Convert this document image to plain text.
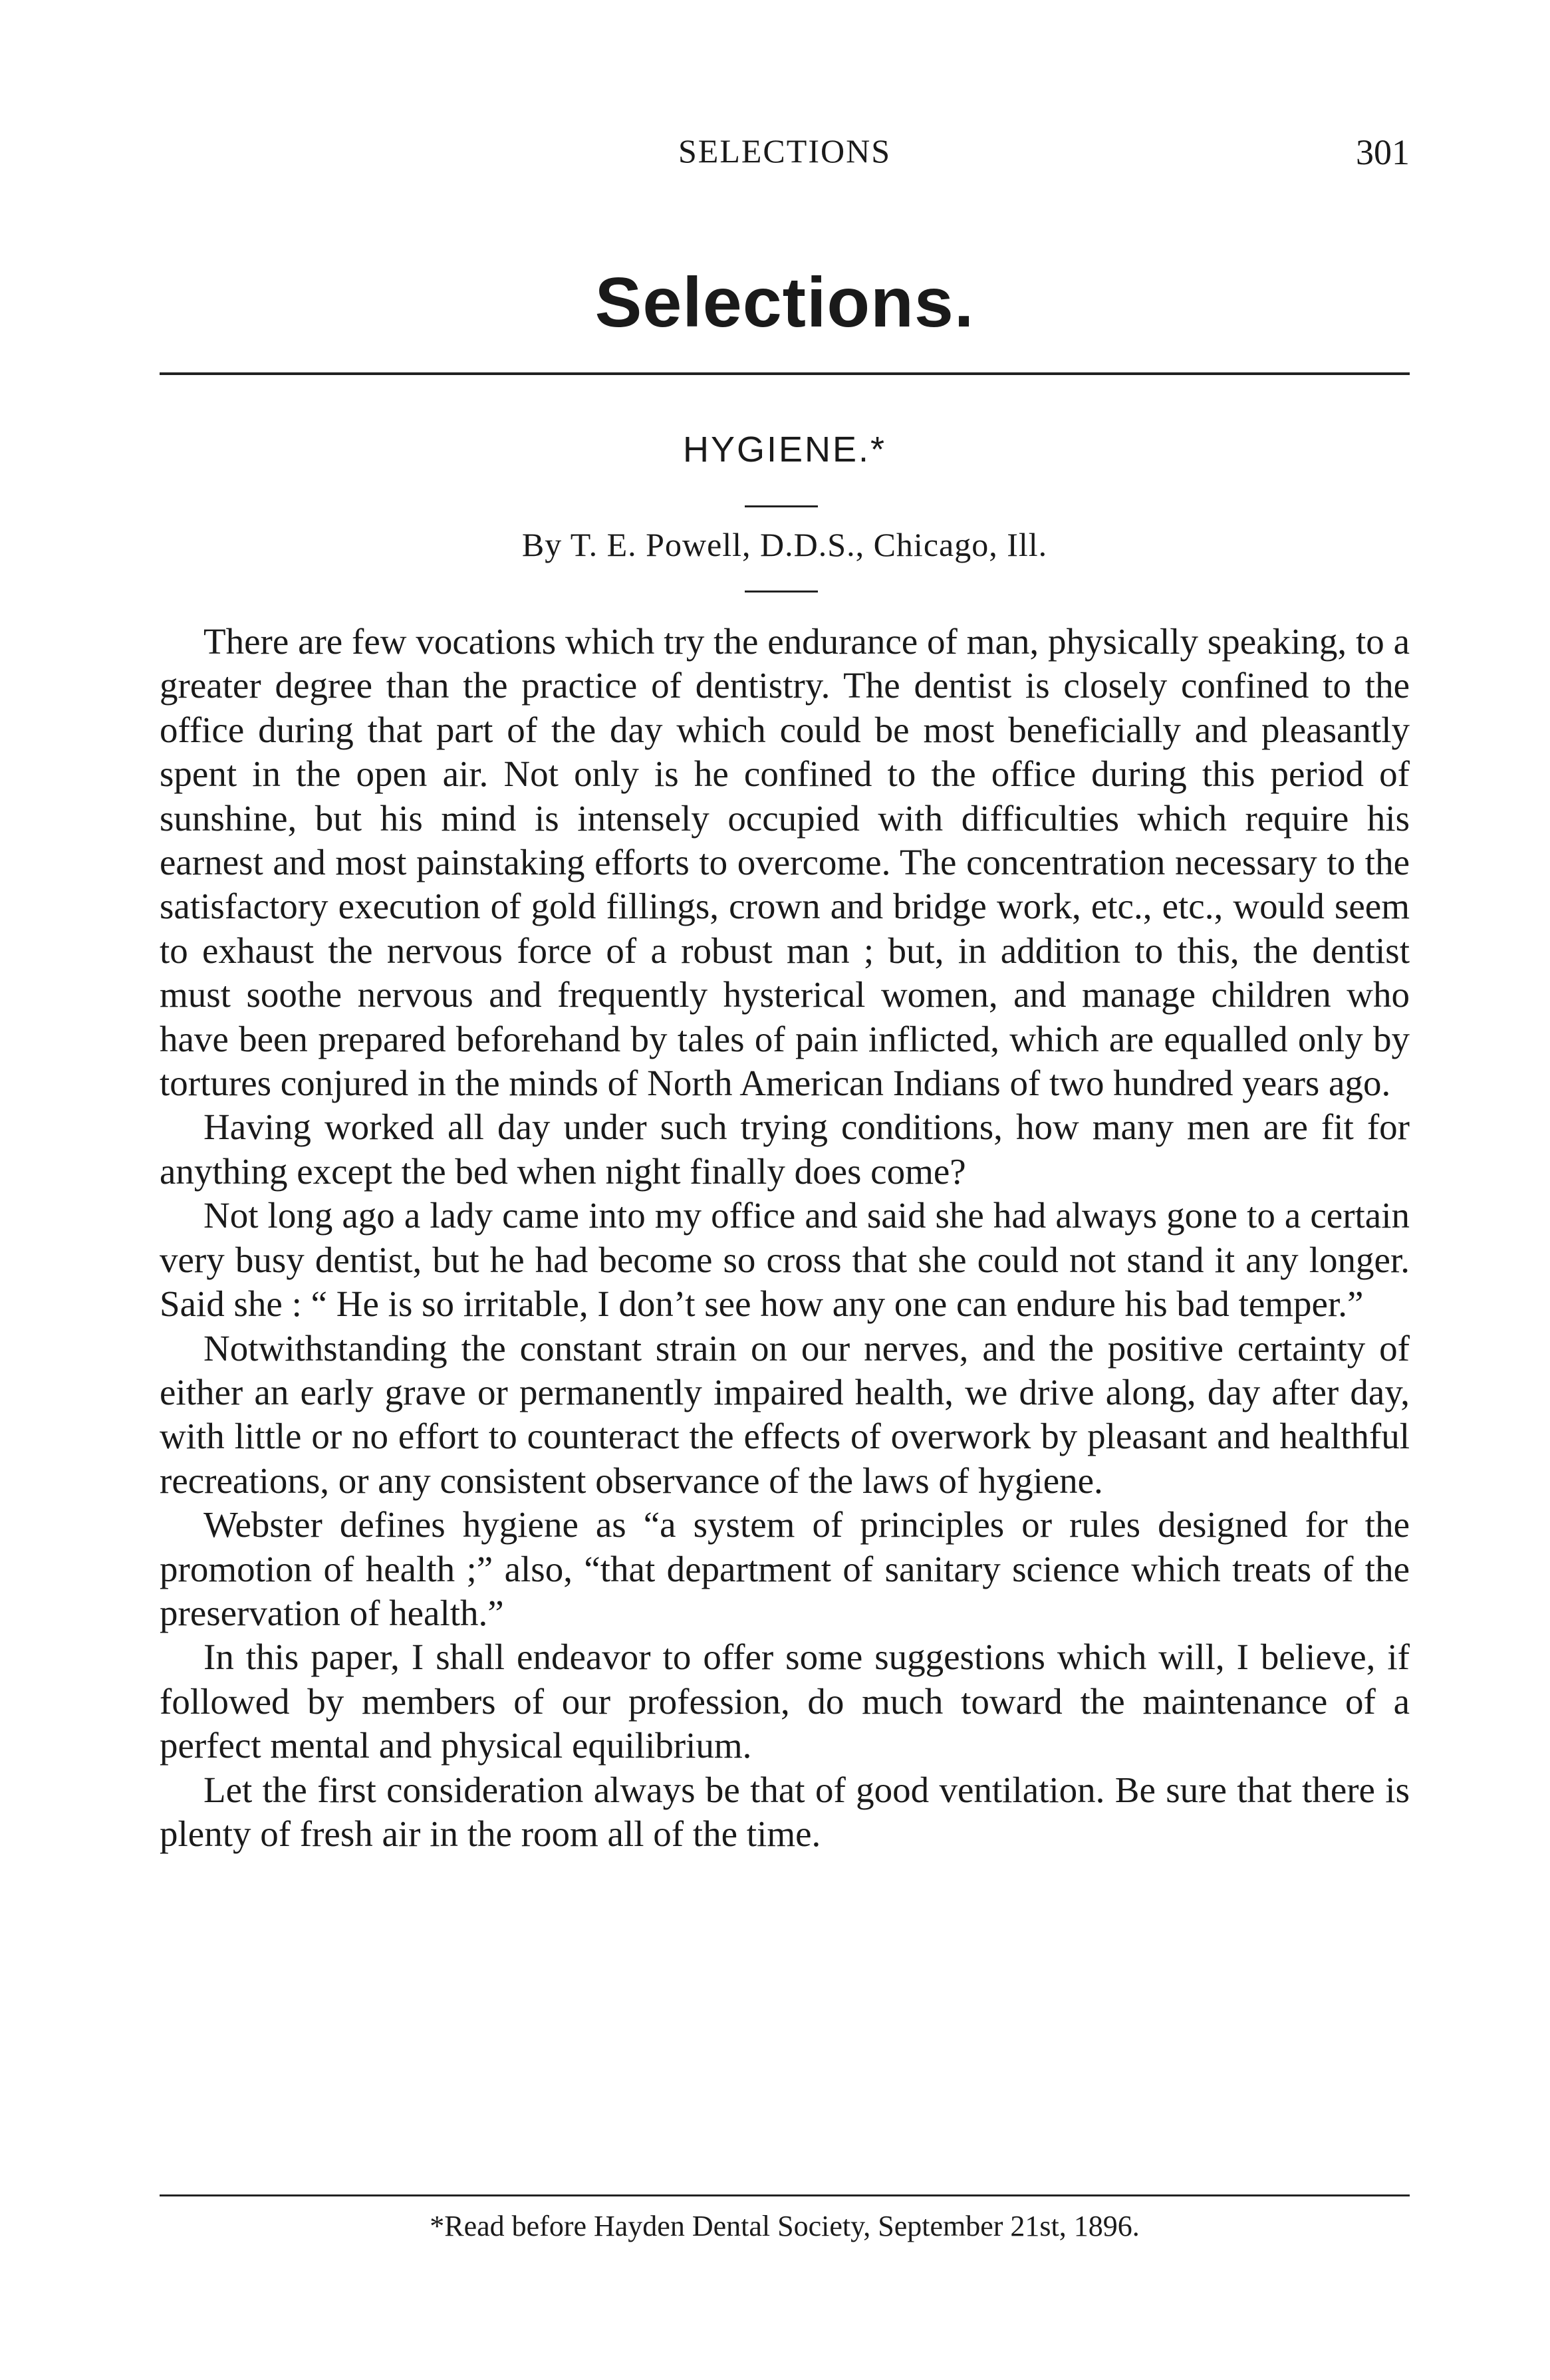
SELECTIONS	301
Selections.
HYGIENE.*
By T. E. Powell, D.D.S., Chicago, Ill.

There are few vocations which try the endurance of man, physically speaking, to a greater degree than the practice of dentistry. The dentist is closely confined to the office during that part of the day which could be most beneficially and pleasantly spent in the open air. Not only is he confined to the office during this period of sunshine, but his mind is intensely occupied with difficulties which require his earnest and most painstaking efforts to overcome. The concentration necessary to the satisfactory execution of gold fillings, crown and bridge work, etc., etc., would seem to exhaust the nervous force of a robust man ; but, in addition to this, the dentist must soothe nervous and frequently hysterical women, and manage children who have been prepared beforehand by tales of pain inflicted, which are equalled only by tortures conjured in the minds of North American Indians of two hundred years ago.

Having worked all day under such trying conditions, how many men are fit for anything except the bed when night finally does come?

Not long ago a lady came into my office and said she had always gone to a certain very busy dentist, but he had become so cross that she could not stand it any longer. Said she : “ He is so irritable, I don’t see how any one can endure his bad temper.”

Notwithstanding the constant strain on our nerves, and the positive certainty of either an early grave or permanently impaired health, we drive along, day after day, with little or no effort to counteract the effects of overwork by pleasant and healthful recreations, or any consistent observance of the laws of hygiene.

Webster defines hygiene as “a system of principles or rules designed for the promotion of health ;” also, “that department of sanitary science which treats of the preservation of health.”

In this paper, I shall endeavor to offer some suggestions which will, I believe, if followed by members of our profession, do much toward the maintenance of a perfect mental and physical equilibrium.

Let the first consideration always be that of good ventilation. Be sure that there is plenty of fresh air in the room all of the time.

*Read before Hayden Dental Society, September 21st, 1896.
